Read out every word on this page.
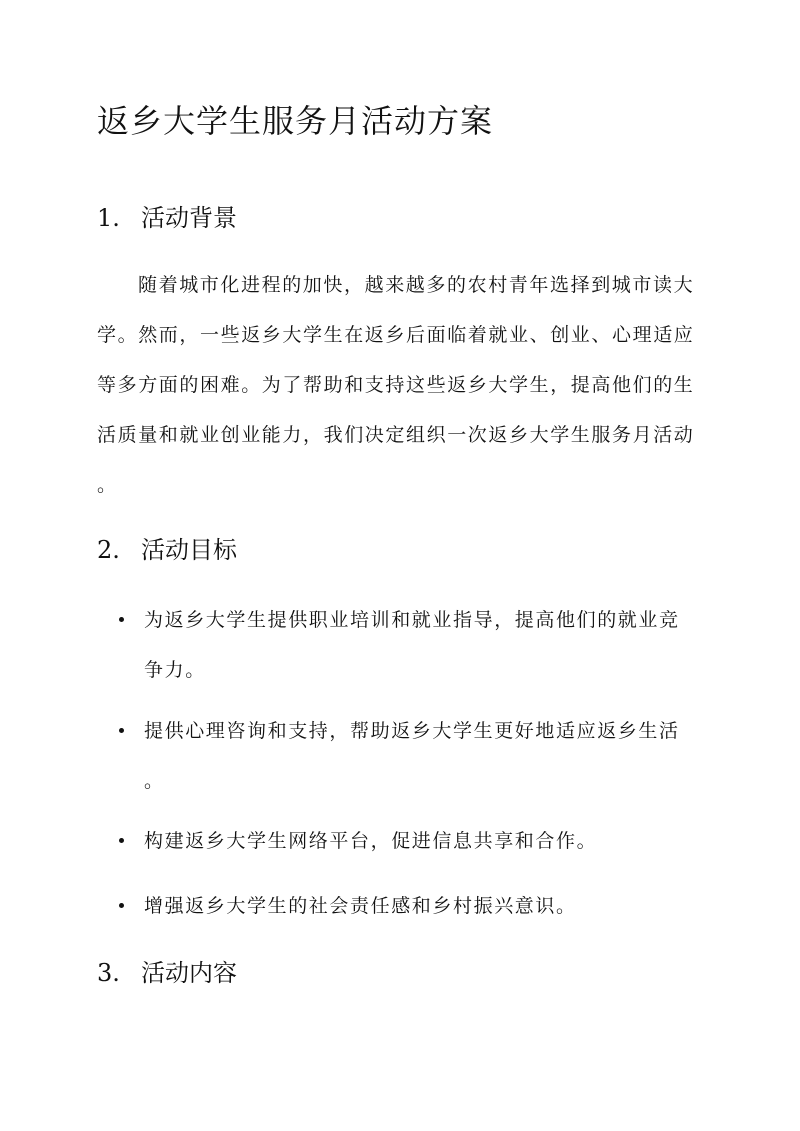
返乡大学生服务月活动方案
1. 活动背景
随着城市化进程的加快，越来越多的农村青年选择到城市读大
学。然而，一些返乡大学生在返乡后面临着就业、创业、心理适应
等多方面的困难。为了帮助和支持这些返乡大学生，提高他们的生
活质量和就业创业能力，我们决定组织一次返乡大学生服务月活动
。
2. 活动目标
为返乡大学生提供职业培训和就业指导，提高他们的就业竞
争力。
提供心理咨询和支持，帮助返乡大学生更好地适应返乡生活
。
构建返乡大学生网络平台，促进信息共享和合作。
增强返乡大学生的社会责任感和乡村振兴意识。
3. 活动内容
